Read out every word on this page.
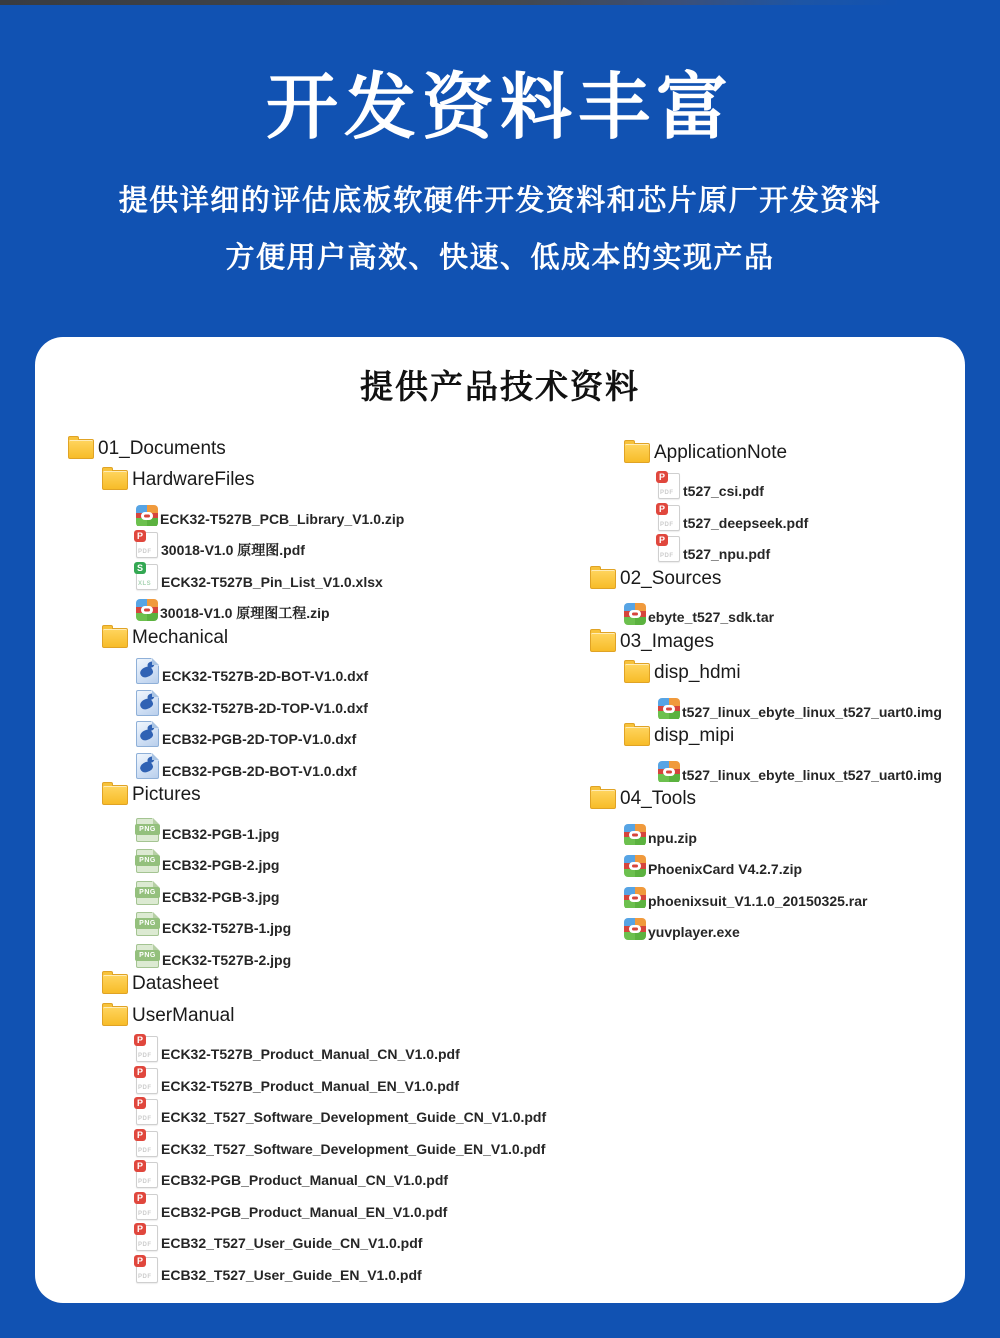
开发资料丰富

提供详细的评估底板软硬件开发资料和芯片原厂开发资料

方便用户高效、快速、低成本的实现产品

提供产品技术资料
01_Documents
HardwareFiles
ECK32-T527B_PCB_Library_V1.0.zip
P
PDF 30018-V1.0 原理图.pdf
S
XLS ECK32-T527B_Pin_List_V1.0.xlsx
30018-V1.0 原理图工程.zip
Mechanical
ECK32-T527B-2D-BOT-V1.0.dxf
ECK32-T527B-2D-TOP-V1.0.dxf
ECB32-PGB-2D-TOP-V1.0.dxf
ECB32-PGB-2D-BOT-V1.0.dxf
Pictures
PNG ECB32-PGB-1.jpg
PNG ECB32-PGB-2.jpg
PNG ECB32-PGB-3.jpg
PNG ECK32-T527B-1.jpg
PNG ECK32-T527B-2.jpg
Datasheet
UserManual
P
PDF ECK32-T527B_Product_Manual_CN_V1.0.pdf
P
PDF ECK32-T527B_Product_Manual_EN_V1.0.pdf
P
PDF ECK32_T527_Software_Development_Guide_CN_V1.0.pdf
P
PDF ECK32_T527_Software_Development_Guide_EN_V1.0.pdf
P
PDF ECB32-PGB_Product_Manual_CN_V1.0.pdf
P
PDF ECB32-PGB_Product_Manual_EN_V1.0.pdf
P
PDF ECB32_T527_User_Guide_CN_V1.0.pdf
P
PDF ECB32_T527_User_Guide_EN_V1.0.pdf
ApplicationNote
P
PDF t527_csi.pdf
P
PDF t527_deepseek.pdf
P
PDF t527_npu.pdf
02_Sources
ebyte_t527_sdk.tar
03_Images
disp_hdmi
t527_linux_ebyte_linux_t527_uart0.img
disp_mipi
t527_linux_ebyte_linux_t527_uart0.img
04_Tools
npu.zip
PhoenixCard V4.2.7.zip
phoenixsuit_V1.1.0_20150325.rar
yuvplayer.exe
